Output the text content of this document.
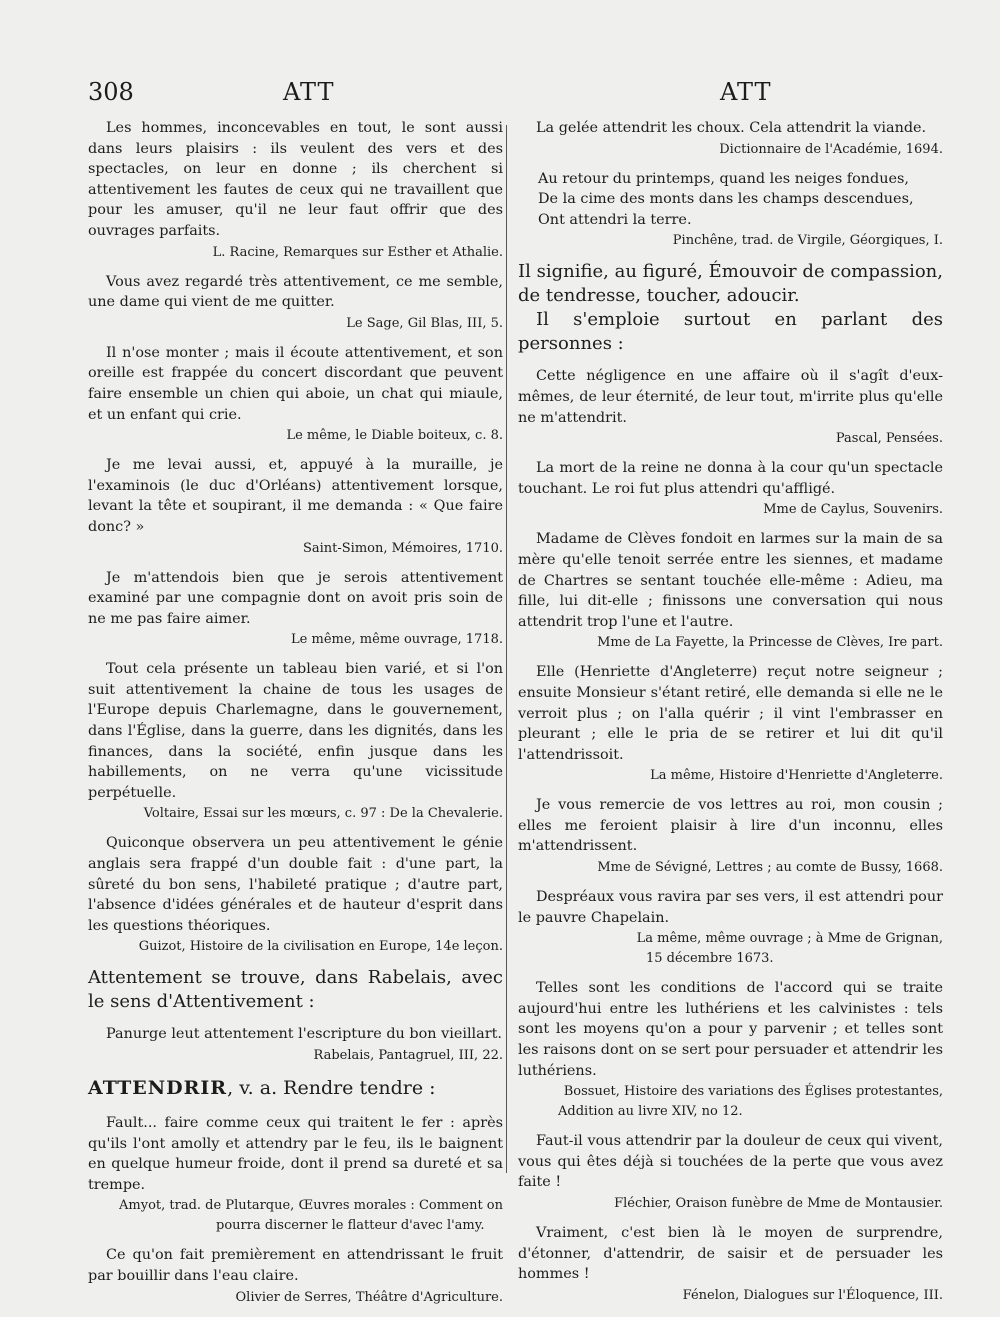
308	ATT	ATT

Les hommes, inconcevables en tout, le sont aussi dans leurs plaisirs : ils veulent des vers et des spectacles, on leur en donne ; ils cherchent si attentivement les fautes de ceux qui ne travaillent que pour les amuser, qu'il ne leur faut offrir que des ouvrages parfaits.

L. Racine, Remarques sur Esther et Athalie.

Vous avez regardé très attentivement, ce me semble, une dame qui vient de me quitter.

Le Sage, Gil Blas, III, 5.

Il n'ose monter ; mais il écoute attentivement, et son oreille est frappée du concert discordant que peuvent faire ensemble un chien qui aboie, un chat qui miaule, et un enfant qui crie.

Le même, le Diable boiteux, c. 8.

Je me levai aussi, et, appuyé à la muraille, je l'examinois (le duc d'Orléans) attentivement lorsque, levant la tête et soupirant, il me demanda : « Que faire donc? »

Saint-Simon, Mémoires, 1710.

Je m'attendois bien que je serois attentivement examiné par une compagnie dont on avoit pris soin de ne me pas faire aimer.

Le même, même ouvrage, 1718.

Tout cela présente un tableau bien varié, et si l'on suit attentivement la chaine de tous les usages de l'Europe depuis Charlemagne, dans le gouvernement, dans l'Église, dans la guerre, dans les dignités, dans les finances, dans la société, enfin jusque dans les habillements, on ne verra qu'une vicissitude perpétuelle.

Voltaire, Essai sur les mœurs, c. 97 : De la Chevalerie.

Quiconque observera un peu attentivement le génie anglais sera frappé d'un double fait : d'une part, la sûreté du bon sens, l'habileté pratique ; d'autre part, l'absence d'idées générales et de hauteur d'esprit dans les questions théoriques.

Guizot, Histoire de la civilisation en Europe, 14e leçon.

Attentement se trouve, dans Rabelais, avec le sens d'Attentivement :

Panurge leut attentement l'escripture du bon vieillart.

Rabelais, Pantagruel, III, 22.
ATTENDRIR, v. a. Rendre tendre :

Fault... faire comme ceux qui traitent le fer : après qu'ils l'ont amolly et attendry par le feu, ils le baignent en quelque humeur froide, dont il prend sa dureté et sa trempe.

Amyot, trad. de Plutarque, Œuvres morales : Comment on
pourra discerner le flatteur d'avec l'amy.

Ce qu'on fait premièrement en attendrissant le fruit par bouillir dans l'eau claire.

Olivier de Serres, Théâtre d'Agriculture.

La gelée attendrit les choux. Cela attendrit la viande.

Dictionnaire de l'Académie, 1694.
Au retour du printemps, quand les neiges fondues,
De la cime des monts dans les champs descendues,
Ont attendri la terre.
Pinchêne, trad. de Virgile, Géorgiques, I.

Il signifie, au figuré, Émouvoir de compassion, de tendresse, toucher, adoucir.

Il s'emploie surtout en parlant des personnes :

Cette négligence en une affaire où il s'agît d'eux-mêmes, de leur éternité, de leur tout, m'irrite plus qu'elle ne m'attendrit.

Pascal, Pensées.

La mort de la reine ne donna à la cour qu'un spectacle touchant. Le roi fut plus attendri qu'affligé.

Mme de Caylus, Souvenirs.

Madame de Clèves fondoit en larmes sur la main de sa mère qu'elle tenoit serrée entre les siennes, et madame de Chartres se sentant touchée elle-même : Adieu, ma fille, lui dit-elle ; finissons une conversation qui nous attendrit trop l'une et l'autre.

Mme de La Fayette, la Princesse de Clèves, Ire part.

Elle (Henriette d'Angleterre) reçut notre seigneur ; ensuite Monsieur s'étant retiré, elle demanda si elle ne le verroit plus ; on l'alla quérir ; il vint l'embrasser en pleurant ; elle le pria de se retirer et lui dit qu'il l'attendrissoit.

La même, Histoire d'Henriette d'Angleterre.

Je vous remercie de vos lettres au roi, mon cousin ; elles me feroient plaisir à lire d'un inconnu, elles m'attendrissent.

Mme de Sévigné, Lettres ; au comte de Bussy, 1668.

Despréaux vous ravira par ses vers, il est attendri pour le pauvre Chapelain.

La même, même ouvrage ; à Mme de Grignan,
15 décembre 1673.

Telles sont les conditions de l'accord qui se traite aujourd'hui entre les luthériens et les calvinistes : tels sont les moyens qu'on a pour y parvenir ; et telles sont les raisons dont on se sert pour persuader et attendrir les luthériens.

Bossuet, Histoire des variations des Églises protestantes,
Addition au livre XIV, no 12.

Faut-il vous attendrir par la douleur de ceux qui vivent, vous qui êtes déjà si touchées de la perte que vous avez faite !

Fléchier, Oraison funèbre de Mme de Montausier.

Vraiment, c'est bien là le moyen de surprendre, d'étonner, d'attendrir, de saisir et de persuader les hommes !

Fénelon, Dialogues sur l'Éloquence, III.
